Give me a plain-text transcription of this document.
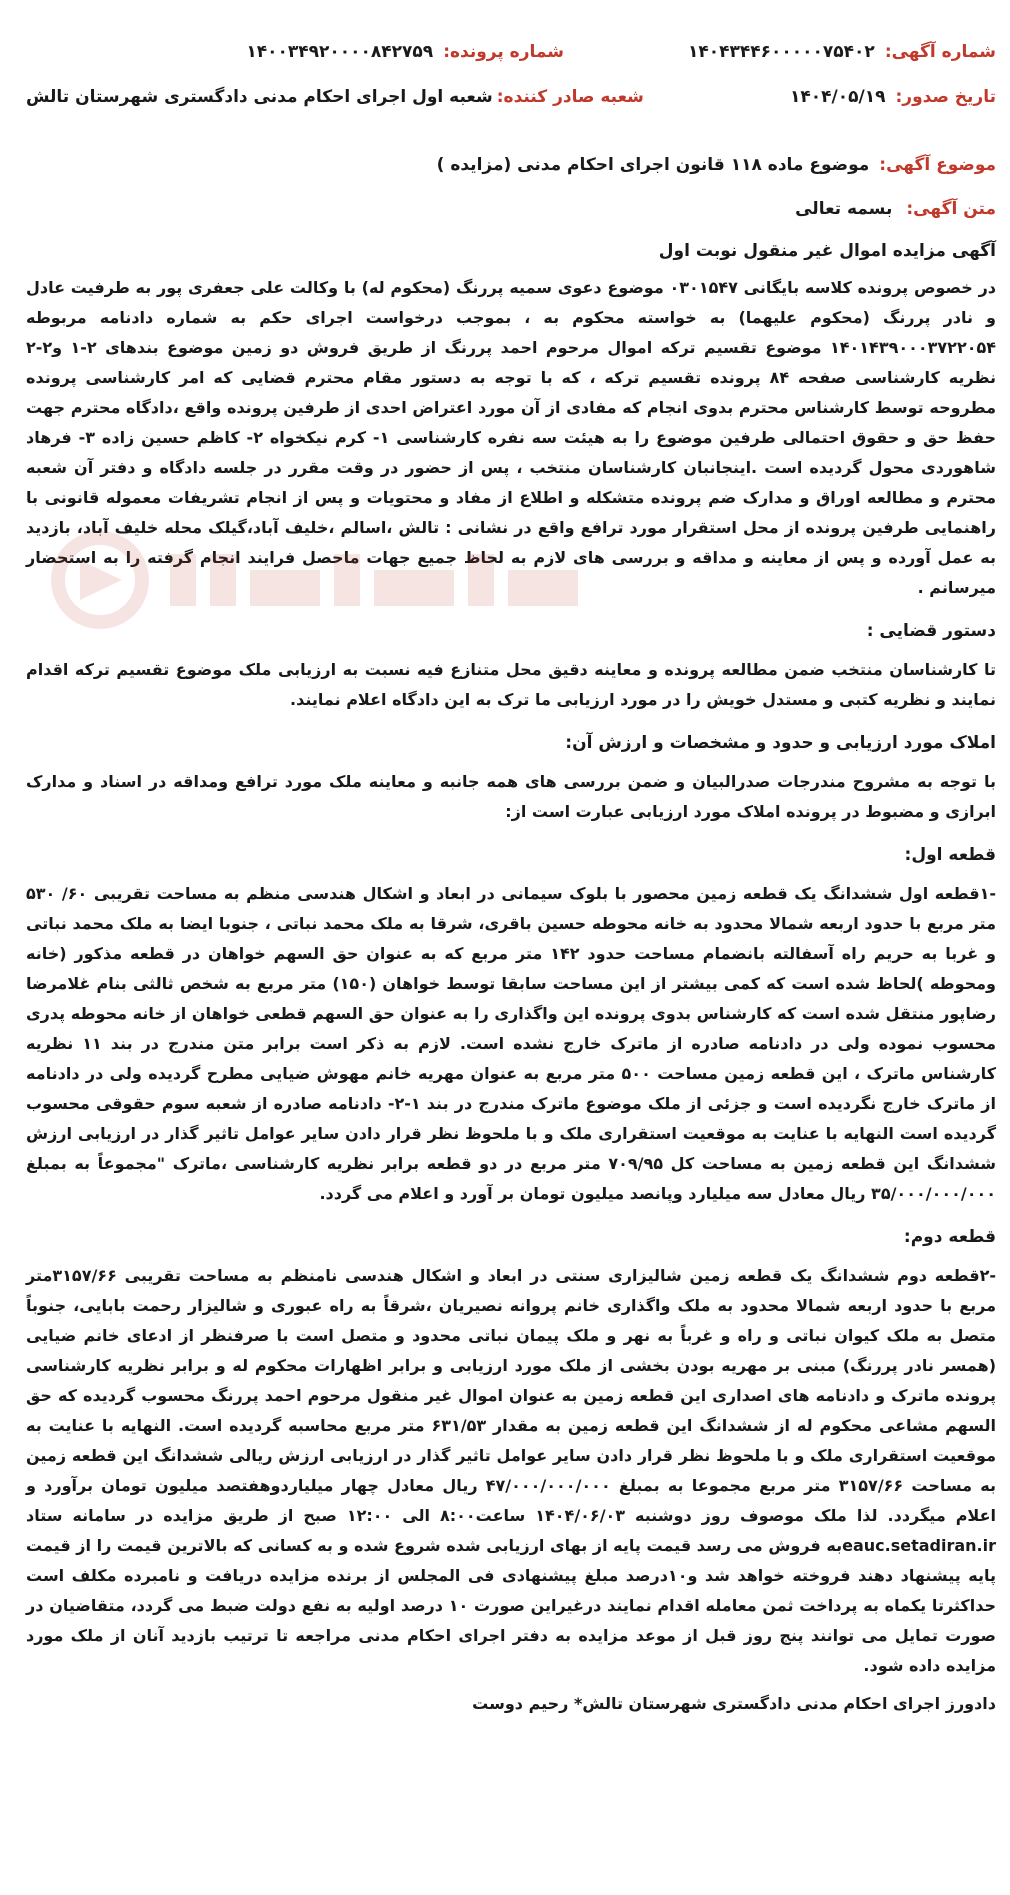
شماره آگهی:
۱۴۰۴۳۴۴۶۰۰۰۰۰۷۵۴۰۲
شماره پرونده:
۱۴۰۰۳۴۹۲۰۰۰۰۸۴۲۷۵۹
تاریخ صدور:
۱۴۰۴/۰۵/۱۹
شعبه صادر کننده:
شعبه اول اجرای احکام مدنی دادگستری شهرستان تالش
موضوع آگهی:
موضوع ماده ۱۱۸ قانون اجرای احکام مدنی (مزایده )
متن آگهی:
بسمه تعالی
آگهی مزایده اموال غیر منقول نوبت اول

در خصوص پرونده کلاسه بایگانی ۰۳۰۱۵۴۷ موضوع دعوی سمیه پررنگ (محکوم له) با وکالت علی جعفری پور به طرفیت عادل و نادر پررنگ (محکوم علیهما) به خواسته محکوم به ، بموجب درخواست اجرای حکم به شماره دادنامه مربوطه ۱۴۰۱۴۳۹۰۰۰۳۷۲۲۰۵۴ موضوع تقسیم ترکه اموال مرحوم احمد پررنگ از طریق فروش دو زمین موضوع بندهای ۲-۱ و۲-۲ نظریه کارشناسی صفحه ۸۴ پرونده تقسیم ترکه ، که با توجه به دستور مقام محترم قضایی که امر کارشناسی پرونده مطروحه توسط کارشناس محترم بدوی انجام که مفادی از آن مورد اعتراض احدی از طرفین پرونده واقع ،دادگاه محترم جهت حفظ حق و حقوق احتمالی طرفین موضوع را به هیئت سه نفره کارشناسی ۱- کرم نیکخواه ۲- کاظم حسین زاده ۳- فرهاد شاهوردی محول گردیده است .اینجانبان کارشناسان منتخب ، پس از حضور در وقت مقرر در جلسه دادگاه و دفتر آن شعبه محترم و مطالعه اوراق و مدارک ضم پرونده متشکله و اطلاع از مفاد و محتویات و پس از انجام تشریفات معموله قانونی با راهنمایی طرفین پرونده از محل استقرار مورد ترافع واقع در نشانی : تالش ،اسالم ،خلیف آباد،گیلک محله خلیف آباد، بازدید به عمل آورده و پس از معاینه و مداقه و بررسی های لازم به لحاظ جمیع جهات ماحصل فرایند انجام گرفته را به استحضار میرسانم .

دستور قضایی :

تا کارشناسان منتخب ضمن مطالعه پرونده و معاینه دقیق محل متنازع فیه نسبت به ارزیابی ملک موضوع تقسیم ترکه اقدام نمایند و نظریه کتبی و مستدل خویش را در مورد ارزیابی ما ترک به این دادگاه اعلام نمایند.

املاک مورد ارزیابی و حدود و مشخصات و ارزش آن:

با توجه به مشروح مندرجات صدرالبیان و ضمن بررسی های همه جانبه و معاینه ملک مورد ترافع ومداقه در اسناد و مدارک ابرازی و مضبوط در پرونده املاک مورد ارزیابی عبارت است از:

قطعه اول:

-۱قطعه اول ششدانگ یک قطعه زمین محصور با بلوک سیمانی در ابعاد و اشکال هندسی منظم به مساحت تقریبی ۶۰/ ۵۳۰ متر مربع با حدود اربعه شمالا محدود به خانه محوطه حسین باقری، شرقا به ملک محمد نباتی ، جنوبا ایضا به ملک محمد نباتی و غربا به حریم راه آسفالته بانضمام مساحت حدود ۱۴۲ متر مربع که به عنوان حق السهم خواهان در قطعه مذکور (خانه ومحوطه )لحاظ شده است که کمی بیشتر از این مساحت سابقا توسط خواهان (۱۵۰) متر مربع به شخص ثالثی بنام غلامرضا رضاپور منتقل شده است که کارشناس بدوی پرونده این واگذاری را به عنوان حق السهم قطعی خواهان از خانه محوطه پدری محسوب نموده ولی در دادنامه صادره از ماترک خارج نشده است. لازم به ذکر است برابر متن مندرج در بند ۱۱ نظریه کارشناس ماترک ، این قطعه زمین مساحت ۵۰۰ متر مربع به عنوان مهریه خانم مهوش ضیایی مطرح گردیده ولی در دادنامه از ماترک خارج نگردیده است و جزئی از ملک موضوع ماترک مندرج در بند ۱-۲- دادنامه صادره از شعبه سوم حقوقی محسوب گردیده است النهایه با عنایت به موقعیت استقراری ملک و با ملحوظ نظر قرار دادن سایر عوامل تاثیر گذار در ارزیابی ارزش ششدانگ این قطعه زمین به مساحت کل ۷۰۹/۹۵ متر مربع در دو قطعه برابر نظریه کارشناسی ،ماترک "مجموعاً به بمبلغ ۳۵/۰۰۰/۰۰۰/۰۰۰ ریال معادل سه میلیارد وپانصد میلیون تومان بر آورد و اعلام می گردد.

قطعه دوم:

-۲قطعه دوم ششدانگ یک قطعه زمین شالیزاری سنتی در ابعاد و اشکال هندسی نامنظم به مساحت تقریبی ۳۱۵۷/۶۶متر مربع با حدود اربعه شمالا محدود به ملک واگذاری خانم پروانه نصیریان ،شرقاً به راه عبوری و شالیزار رحمت بابایی، جنوباً متصل به ملک کیوان نباتی و راه و غرباً به نهر و ملک پیمان نباتی محدود و متصل است با صرفنظر از ادعای خانم ضیایی (همسر نادر پررنگ) مبنی بر مهریه بودن بخشی از ملک مورد ارزیابی و برابر اظهارات محکوم له و برابر نظریه کارشناسی پرونده ماترک و دادنامه های اصداری این قطعه زمین به عنوان اموال غیر منقول مرحوم احمد پررنگ محسوب گردیده که حق السهم مشاعی محکوم له از ششدانگ این قطعه زمین به مقدار ۶۳۱/۵۳ متر مربع محاسبه گردیده است. النهایه با عنایت به موقعیت استقراری ملک و با ملحوظ نظر قرار دادن سایر عوامل تاثیر گذار در ارزیابی ارزش ریالی ششدانگ این قطعه زمین به مساحت ۳۱۵۷/۶۶ متر مربع مجموعا به بمبلغ ۴۷/۰۰۰/۰۰۰/۰۰۰ ریال معادل چهار میلیاردوهفتصد میلیون تومان برآورد و اعلام میگردد. لذا ملک موصوف روز دوشنبه ۱۴۰۴/۰۶/۰۳ ساعت۸:۰۰ الی ۱۲:۰۰ صبح از طریق مزایده در سامانه ستاد eauc.setadiran.irبه فروش می رسد قیمت پایه از بهای ارزیابی شده شروع شده و به کسانی که بالاترین قیمت را از قیمت پایه پیشنهاد دهند فروخته خواهد شد و۱۰درصد مبلغ پیشنهادی فی المجلس از برنده مزایده دریافت و نامبرده مکلف است حداکثرتا یکماه به پرداخت ثمن معامله اقدام نمایند درغیراین صورت ۱۰ درصد اولیه به نفع دولت ضبط می گردد، متقاضیان در صورت تمایل می توانند پنج روز قبل از موعد مزایده به دفتر اجرای احکام مدنی مراجعه تا ترتیب بازدید آنان از ملک مورد مزایده داده شود.

دادورز اجرای احکام مدنی دادگستری شهرستان تالش* رحیم دوست
